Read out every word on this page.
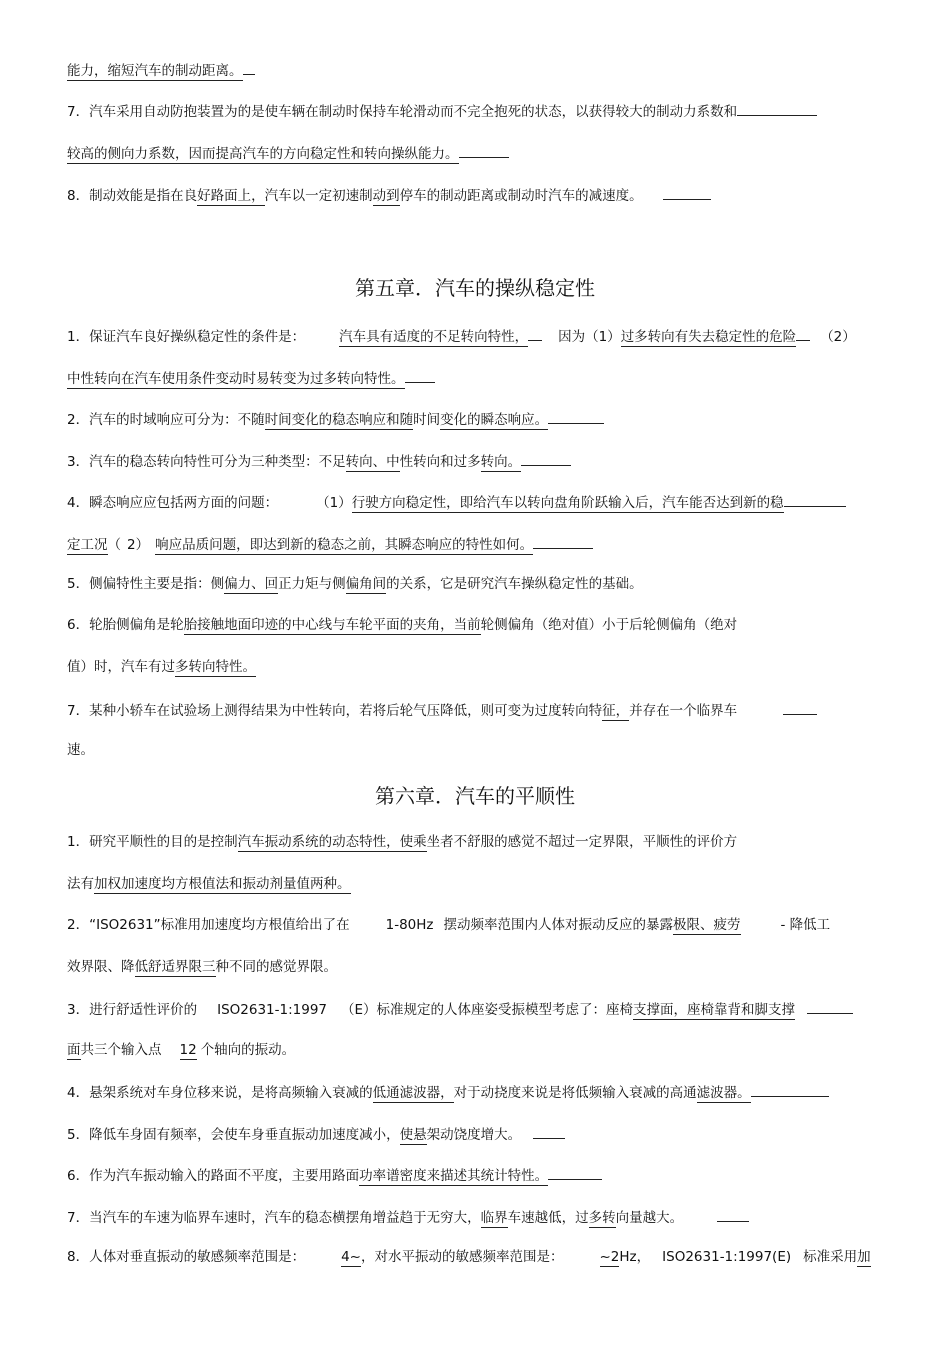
能力，缩短汽车的制动距离。
7．汽车采用自动防抱装置为的是使车辆在制动时保持车轮滑动而不完全抱死的状态，以获得较大的制动力系数和
较高的侧向力系数，因而提高汽车的方向稳定性和转向操纵能力。
8．制动效能是指在良好路面上，汽车以一定初速制动到停车的制动距离或制动时汽车的减速度。
第五章．汽车的操纵稳定性
1．保证汽车良好操纵稳定性的条件是：	汽车具有适度的不足转向特性， 因为（1）过多转向有失去稳定性的危险 （2）
中性转向在汽车使用条件变动时易转变为过多转向特性。
2．汽车的时域响应可分为：不随时间变化的稳态响应和随时间变化的瞬态响应。
3．汽车的稳态转向特性可分为三种类型：不足转向、中性转向和过多转向。
4．瞬态响应应包括两方面的问题：	（1）行驶方向稳定性，即给汽车以转向盘角阶跃输入后，汽车能否达到新的稳
定工况（ 2） 响应品质问题，即达到新的稳态之前，其瞬态响应的特性如何。
5．侧偏特性主要是指：侧偏力、回正力矩与侧偏角间的关系，它是研究汽车操纵稳定性的基础。
6．轮胎侧偏角是轮胎接触地面印迹的中心线与车轮平面的夹角，当前轮侧偏角（绝对值）小于后轮侧偏角（绝对
值）时，汽车有过多转向特性。
7．某种小轿车在试验场上测得结果为中性转向，若将后轮气压降低，则可变为过度转向特征，并存在一个临界车
速。
第六章．汽车的平顺性
1．研究平顺性的目的是控制汽车振动系统的动态特性，使乘坐者不舒服的感觉不超过一定界限，平顺性的评价方
法有加权加速度均方根值法和振动剂量值两种。
2．“ISO2631”标准用加速度均方根值给出了在	1-80Hz 摆动频率范围内人体对振动反应的暴露极限、疲劳	- 降低工
效界限、降低舒适界限三种不同的感觉界限。
3．进行舒适性评价的 ISO2631-1:1997 （E）标准规定的人体座姿受振模型考虑了：座椅支撑面，座椅靠背和脚支撑
面共三个输入点 12 个轴向的振动。
4．悬架系统对车身位移来说，是将高频输入衰减的低通滤波器，对于动挠度来说是将低频输入衰减的高通滤波器。
5．降低车身固有频率，会使车身垂直振动加速度减小，使悬架动饶度增大。
6．作为汽车振动输入的路面不平度，主要用路面功率谱密度来描述其统计特性。
7．当汽车的车速为临界车速时，汽车的稳态横摆角增益趋于无穷大，临界车速越低，过多转向量越大。
8．人体对垂直振动的敏感频率范围是：	4~，对水平振动的敏感频率范围是：	~2Hz， ISO2631-1:1997(E) 标准采用加
